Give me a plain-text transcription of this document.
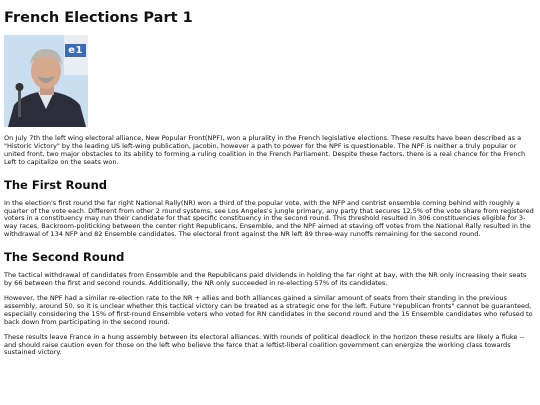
French Elections Part 1
e1

On July 7th the left wing electoral alliance, New Popular Front(NPF), won a plurality in the French legislative elections. These results have been described as a "Historic Victory" by the leading US left-wing publication, Jacobin, however a path to power for the NPF is questionable. The NPF is neither a truly popular or united front, two major obstacles to its ability to forming a ruling coalition in the French Parliament. Despite these factors, there is a real chance for the French Left to capitalize on the seats won.

The First Round

In the election's first round the far right National Rally(NR) won a third of the popular vote, with the NFP and centrist ensemble coming behind with roughly a quarter of the vote each. Different from other 2 round systems, see Los Angeles's jungle primary, any party that secures 12.5% of the vote share from registered voters in a constituency may run their candidate for that specific constituency in the second round. This threshold resulted in 306 constituencies eligible for 3-way races. Backroom-politicking between the center right Republicans, Ensemble, and the NPF aimed at staving off votes from the National Rally resulted in the withdrawal of 134 NFP and 82 Ensemble candidates. The electoral front against the NR left 89 three-way runoffs remaining for the second round.

The Second Round

The tactical withdrawal of candidates from Ensemble and the Republicans paid dividends in holding the far right at bay, with the NR only increasing their seats by 66 between the first and second rounds. Additionally, the NR only succeeded in re-electing 57% of its candidates.

However, the NPF had a similar re-election rate to the NR + allies and both alliances gained a similar amount of seats from their standing in the previous assembly, around 50, so it is unclear whether this tactical victory can be treated as a strategic one for the left. Future "republican fronts" cannot be guaranteed, especially considering the 15% of first-round Ensemble voters who voted for RN candidates in the second round and the 15 Ensemble candidates who refused to back down from participating in the second round.

These results leave France in a hung assembly between its electoral alliances. With rounds of political deadlock in the horizon these results are likely a fluke -- and should raise caution even for those on the left who believe the farce that a leftist-liberal coalition government can energize the working class towards sustained victory.
